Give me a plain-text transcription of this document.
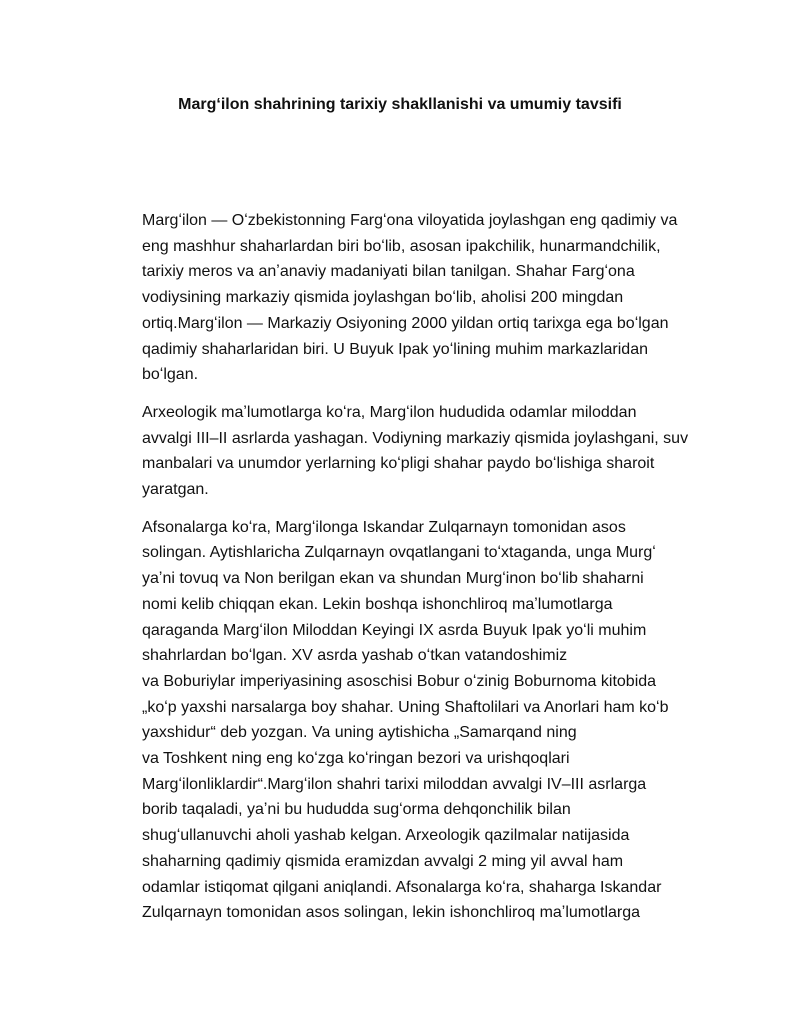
Margʻilon shahrining tarixiy shakllanishi va umumiy tavsifi

Margʻilon — Oʻzbekistonning Fargʻona viloyatida joylashgan eng qadimiy va
eng mashhur shaharlardan biri boʻlib, asosan ipakchilik, hunarmandchilik,
tarixiy meros va anʼanaviy madaniyati bilan tanilgan. Shahar Fargʻona
vodiysining markaziy qismida joylashgan boʻlib, aholisi 200 mingdan
ortiq.Margʻilon — Markaziy Osiyoning 2000 yildan ortiq tarixga ega boʻlgan
qadimiy shaharlaridan biri. U Buyuk Ipak yoʻlining muhim markazlaridan
boʻlgan.

Arxeologik maʼlumotlarga koʻra, Margʻilon hududida odamlar miloddan
avvalgi III–II asrlarda yashagan. Vodiyning markaziy qismida joylashgani, suv
manbalari va unumdor yerlarning koʻpligi shahar paydo boʻlishiga sharoit
yaratgan.

Afsonalarga koʻra, Margʻilonga Iskandar Zulqarnayn tomonidan asos
solingan. Aytishlaricha Zulqarnayn ovqatlangani toʻxtaganda, unga Murgʻ
yaʼni tovuq va Non berilgan ekan va shundan Murgʻinon boʻlib shaharni
nomi kelib chiqqan ekan. Lekin boshqa ishonchliroq maʼlumotlarga
qaraganda Margʻilon Miloddan Keyingi IX asrda Buyuk Ipak yoʻli muhim
shahrlardan boʻlgan. XV asrda yashab oʻtkan vatandoshimiz
va Boburiylar imperiyasining asoschisi Bobur oʻzinig Boburnoma kitobida
„koʻp yaxshi narsalarga boy shahar. Uning Shaftolilari va Anorlari ham koʻb
yaxshidur“ deb yozgan. Va uning aytishicha „Samarqand ning
va Toshkent ning eng koʻzga koʻringan bezori va urishqoqlari
Margʻilonliklardir“.Margʻilon shahri tarixi miloddan avvalgi IV–III asrlarga
borib taqaladi, yaʼni bu hududda sugʻorma dehqonchilik bilan
shugʻullanuvchi aholi yashab kelgan. Arxeologik qazilmalar natijasida
shaharning qadimiy qismida eramizdan avvalgi 2 ming yil avval ham
odamlar istiqomat qilgani aniqlandi. Afsonalarga koʻra, shaharga Iskandar
Zulqarnayn tomonidan asos solingan, lekin ishonchliroq maʼlumotlarga
